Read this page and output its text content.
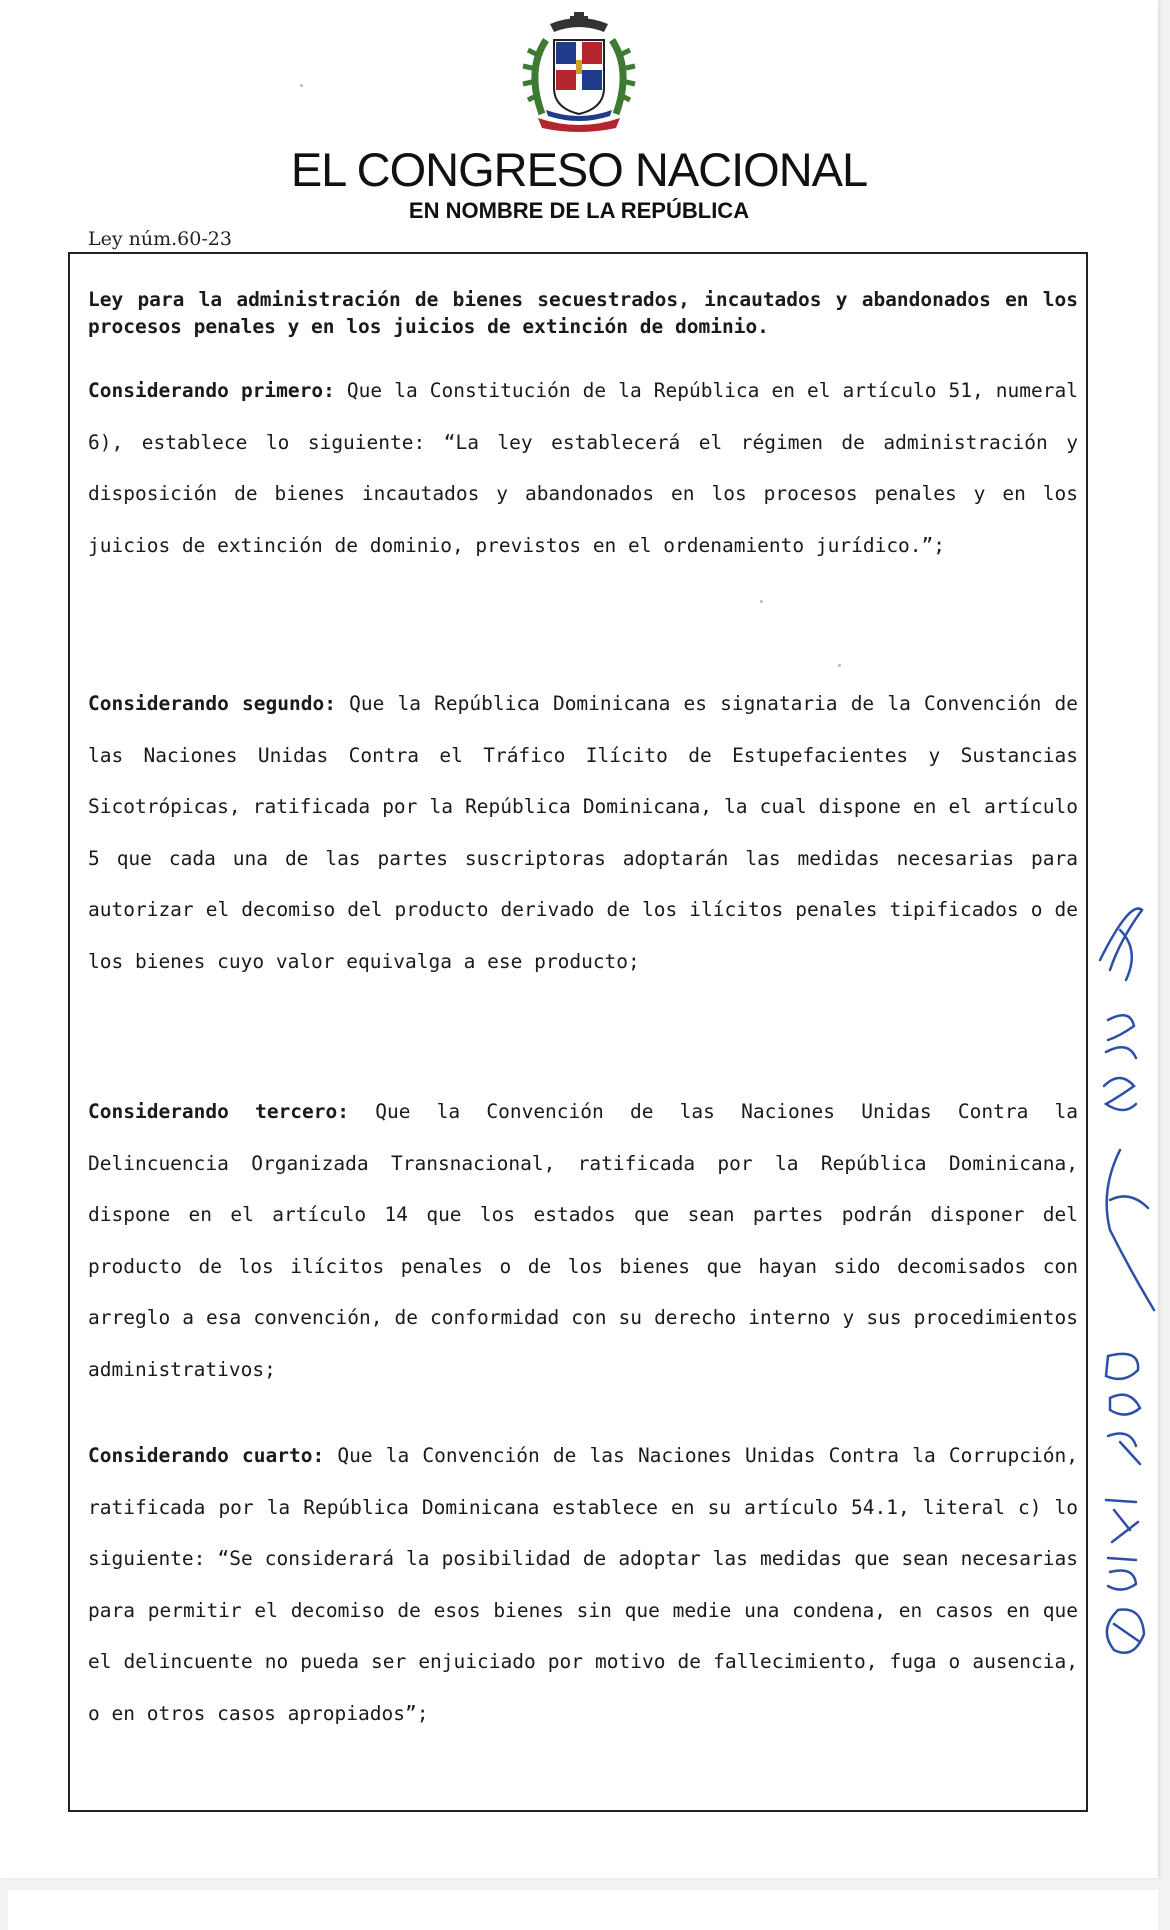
EL CONGRESO NACIONAL
EN NOMBRE DE LA REPÚBLICA
Ley núm.60-23
Ley para la administración de bienes secuestrados, incautados y abandonados en los procesos penales y en los juicios de extinción de dominio.
Considerando primero: Que la Constitución de la República en el artículo 51, numeral 6), establece lo siguiente: “La ley establecerá el régimen de administración y disposición de bienes incautados y abandonados en los procesos penales y en los juicios de extinción de dominio, previstos en el ordenamiento jurídico.”;
Considerando segundo: Que la República Dominicana es signataria de la Convención de las Naciones Unidas Contra el Tráfico Ilícito de Estupefacientes y Sustancias Sicotrópicas, ratificada por la República Dominicana, la cual dispone en el artículo 5 que cada una de las partes suscriptoras adoptarán las medidas necesarias para autorizar el decomiso del producto derivado de los ilícitos penales tipificados o de los bienes cuyo valor equivalga a ese producto;
Considerando tercero: Que la Convención de las Naciones Unidas Contra la Delincuencia Organizada Transnacional, ratificada por la República Dominicana, dispone en el artículo 14 que los estados que sean partes podrán disponer del producto de los ilícitos penales o de los bienes que hayan sido decomisados con arreglo a esa convención, de conformidad con su derecho interno y sus procedimientos administrativos;
Considerando cuarto: Que la Convención de las Naciones Unidas Contra la Corrupción, ratificada por la República Dominicana establece en su artículo 54.1, literal c) lo siguiente: “Se considerará la posibilidad de adoptar las medidas que sean necesarias para permitir el decomiso de esos bienes sin que medie una condena, en casos en que el delincuente no pueda ser enjuiciado por motivo de fallecimiento, fuga o ausencia, o en otros casos apropiados”;
